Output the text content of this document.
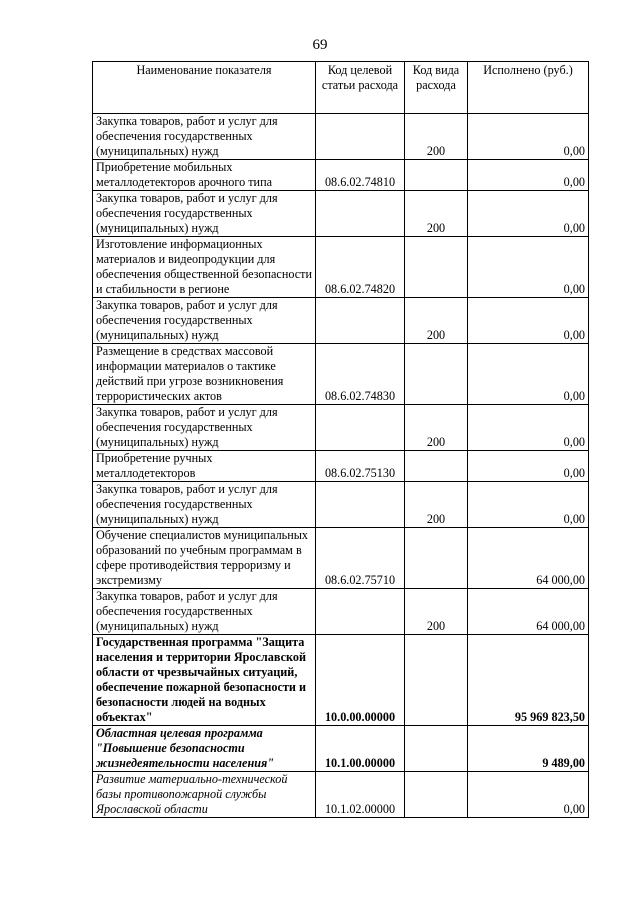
69
Наименование показателя	Код целевой статьи расхода	Код вида расхода	Исполнено (руб.)
Закупка товаров, работ и услуг для обеспечения государственных (муниципальных) нужд		200	0,00
Приобретение мобильных металлодетекторов арочного типа	08.6.02.74810		0,00
Закупка товаров, работ и услуг для обеспечения государственных (муниципальных) нужд		200	0,00
Изготовление информационных материалов и видеопродукции для обеспечения общественной безопасности и стабильности в регионе	08.6.02.74820		0,00
Закупка товаров, работ и услуг для обеспечения государственных (муниципальных) нужд		200	0,00
Размещение в средствах массовой информации материалов о тактике действий при угрозе возникновения террористических актов	08.6.02.74830		0,00
Закупка товаров, работ и услуг для обеспечения государственных (муниципальных) нужд		200	0,00
Приобретение ручных металлодетекторов	08.6.02.75130		0,00
Закупка товаров, работ и услуг для обеспечения государственных (муниципальных) нужд		200	0,00
Обучение специалистов муниципальных образований по учебным программам в сфере противодействия терроризму и экстремизму	08.6.02.75710		64 000,00
Закупка товаров, работ и услуг для обеспечения государственных (муниципальных) нужд		200	64 000,00
Государственная программа "Защита населения и территории Ярославской области от чрезвычайных ситуаций, обеспечение пожарной безопасности и безопасности людей на водных объектах"	10.0.00.00000		95 969 823,50
Областная целевая программа "Повышение безопасности жизнедеятельности населения"	10.1.00.00000		9 489,00
Развитие материально-технической базы противопожарной службы Ярославской области	10.1.02.00000		0,00
